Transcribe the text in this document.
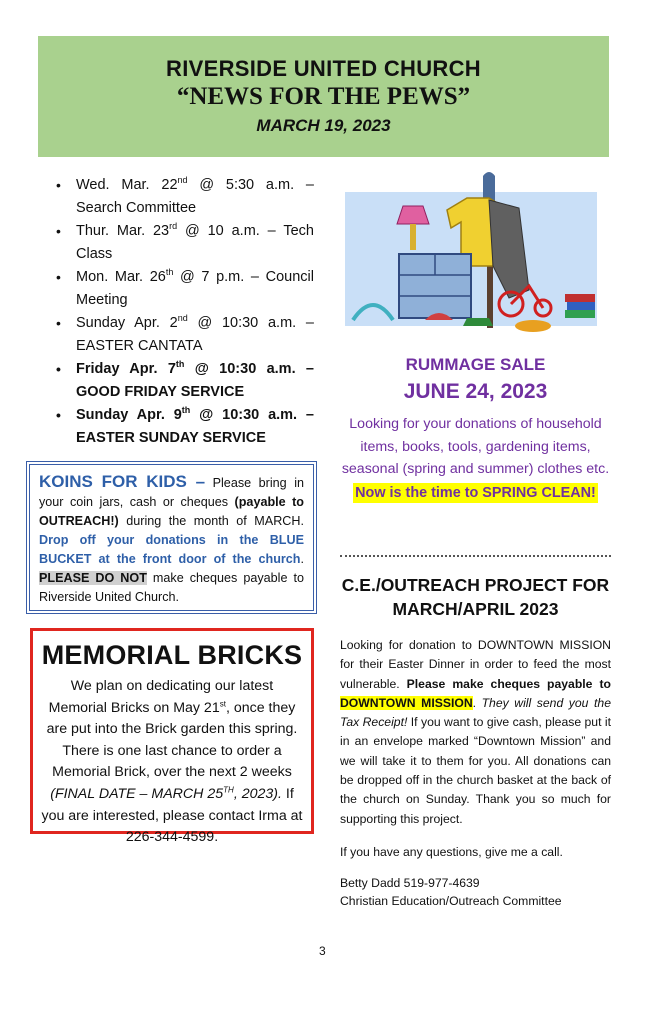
RIVERSIDE UNITED CHURCH
“NEWS FOR THE PEWS”
MARCH 19, 2023
• Wed. Mar. 22nd @ 5:30 a.m. –
Search Committee
• Thur. Mar. 23rd @ 10 a.m. – Tech
Class
• Mon. Mar. 26th @ 7 p.m. – Council
Meeting
• Sunday Apr. 2nd @ 10:30 a.m. –
EASTER CANTATA
• Friday Apr. 7th @ 10:30 a.m. –
GOOD FRIDAY SERVICE
• Sunday Apr. 9th @ 10:30 a.m. –
EASTER SUNDAY SERVICE
KOINS FOR KIDS – Please bring in your coin jars, cash or cheques (payable to OUTREACH!) during the month of MARCH. Drop off your donations in the BLUE BUCKET at the front door of the church. PLEASE DO NOT make cheques payable to Riverside United Church.
MEMORIAL BRICKS
We plan on dedicating our latest Memorial Bricks on May 21st, once they are put into the Brick garden this spring. There is one last chance to order a Memorial Brick, over the next 2 weeks (FINAL DATE – MARCH 25TH, 2023). If you are interested, please contact Irma at 226-344-4599.
RUMMAGE SALE
JUNE 24, 2023
Looking for your donations of household items, books, tools, gardening items, seasonal (spring and summer) clothes etc.
Now is the time to SPRING CLEAN!
C.E./OUTREACH PROJECT FOR MARCH/APRIL 2023
Looking for donation to DOWNTOWN MISSION for their Easter Dinner in order to feed the most vulnerable. Please make cheques payable to DOWNTOWN MISSION. They will send you the Tax Receipt! If you want to give cash, please put it in an envelope marked “Downtown Mission” and we will take it to them for you. All donations can be dropped off in the church basket at the back of the church on Sunday. Thank you so much for supporting this project.
If you have any questions, give me a call.
Betty Dadd 519-977-4639
Christian Education/Outreach Committee
3
